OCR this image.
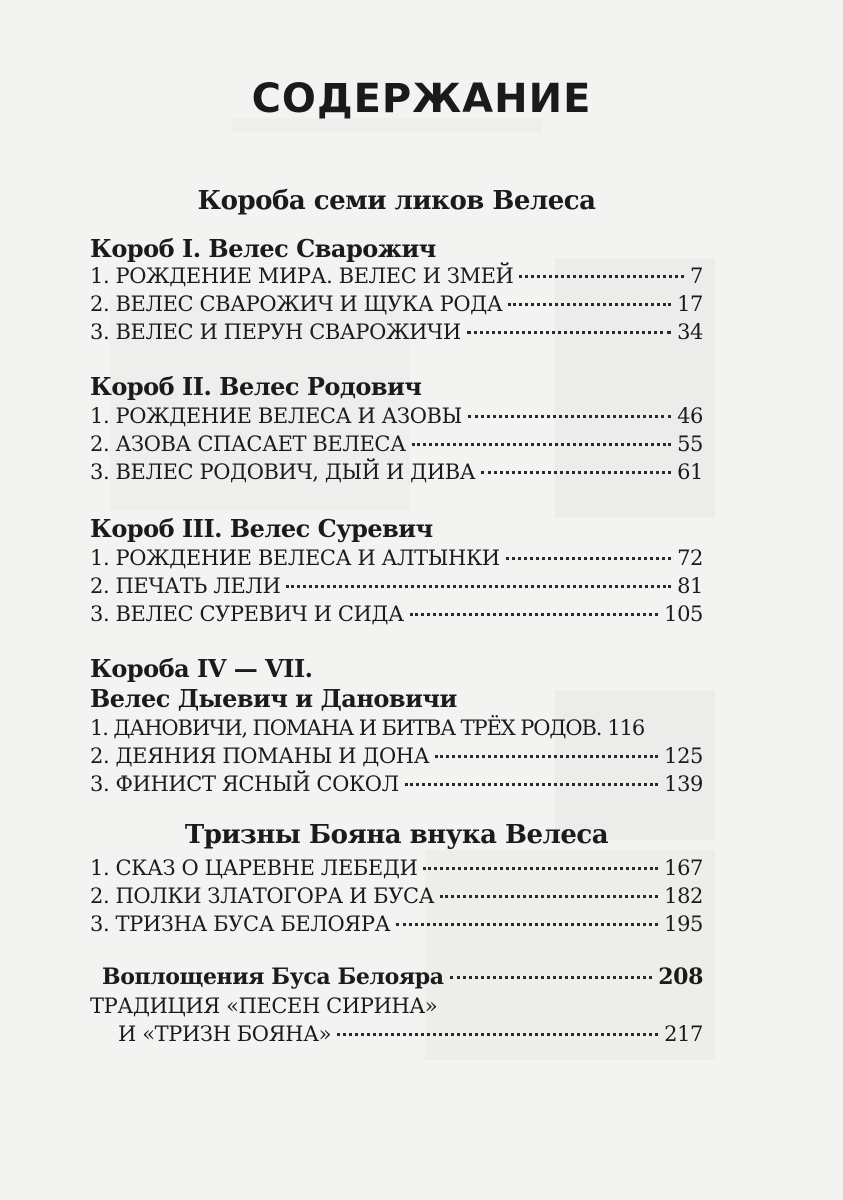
СОДЕРЖАНИЕ
Короба семи ликов Велеса
Короб I. Велес Сварожич
1. РОЖДЕНИЕ МИРА. ВЕЛЕС И ЗМЕЙ	7
2. ВЕЛЕС СВАРОЖИЧ И ЩУКА РОДА	17
3. ВЕЛЕС И ПЕРУН СВАРОЖИЧИ	34
Короб II. Велес Родович
1. РОЖДЕНИЕ ВЕЛЕСА И АЗОВЫ	46
2. АЗОВА СПАСАЕТ ВЕЛЕСА	55
3. ВЕЛЕС РОДОВИЧ, ДЫЙ И ДИВА	61
Короб III. Велес Суревич
1. РОЖДЕНИЕ ВЕЛЕСА И АЛТЫНКИ	72
2. ПЕЧАТЬ ЛЕЛИ	81
3. ВЕЛЕС СУРЕВИЧ И СИДА	105
Короба IV — VII.
Велес Дыевич и Дановичи
1. ДАНОВИЧИ, ПОМАНА И БИТВА ТРЁХ РОДОВ. 116
2. ДЕЯНИЯ ПОМАНЫ И ДОНА	125
3. ФИНИСТ ЯСНЫЙ СОКОЛ	139
Тризны Бояна внука Велеса
1. СКАЗ О ЦАРЕВНЕ ЛЕБЕДИ	167
2. ПОЛКИ ЗЛАТОГОРА И БУСА	182
3. ТРИЗНА БУСА БЕЛОЯРА	195
Воплощения Буса Белояра	208
ТРАДИЦИЯ «ПЕСЕН СИРИНА»
И «ТРИЗН БОЯНА»	217
